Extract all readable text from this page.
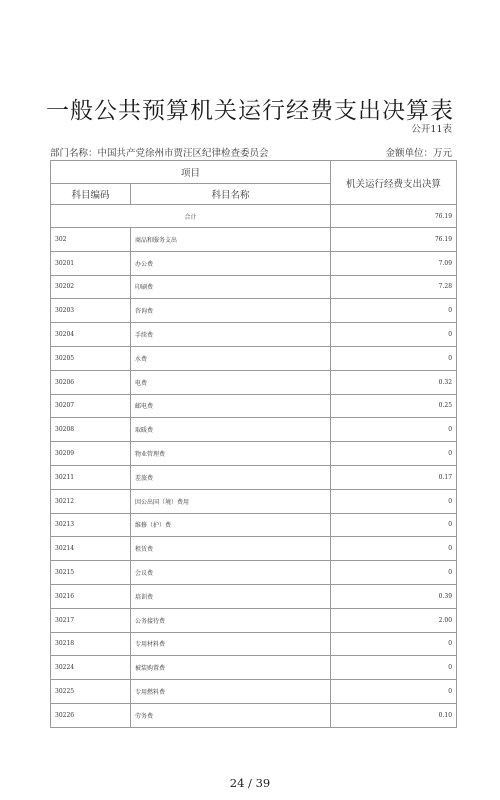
一般公共预算机关运行经费支出决算表
公开11表
部门名称：中国共产党徐州市贾汪区纪律检查委员会	金额单位：万元
项目		机关运行经费支出决算
科目编码	科目名称	
合计		76.19
302	商品和服务支出	76.19
30201	办公费	7.09
30202	印刷费	7.28
30203	咨询费	0
30204	手续费	0
30205	水费	0
30206	电费	0.32
30207	邮电费	0.25
30208	取暖费	0
30209	物业管理费	0
30211	差旅费	0.17
30212	因公出国（境）费用	0
30213	维修（护）费	0
30214	租赁费	0
30215	会议费	0
30216	培训费	0.39
30217	公务接待费	2.00
30218	专用材料费	0
30224	被装购置费	0
30225	专用燃料费	0
30226	劳务费	0.10
24 / 39
